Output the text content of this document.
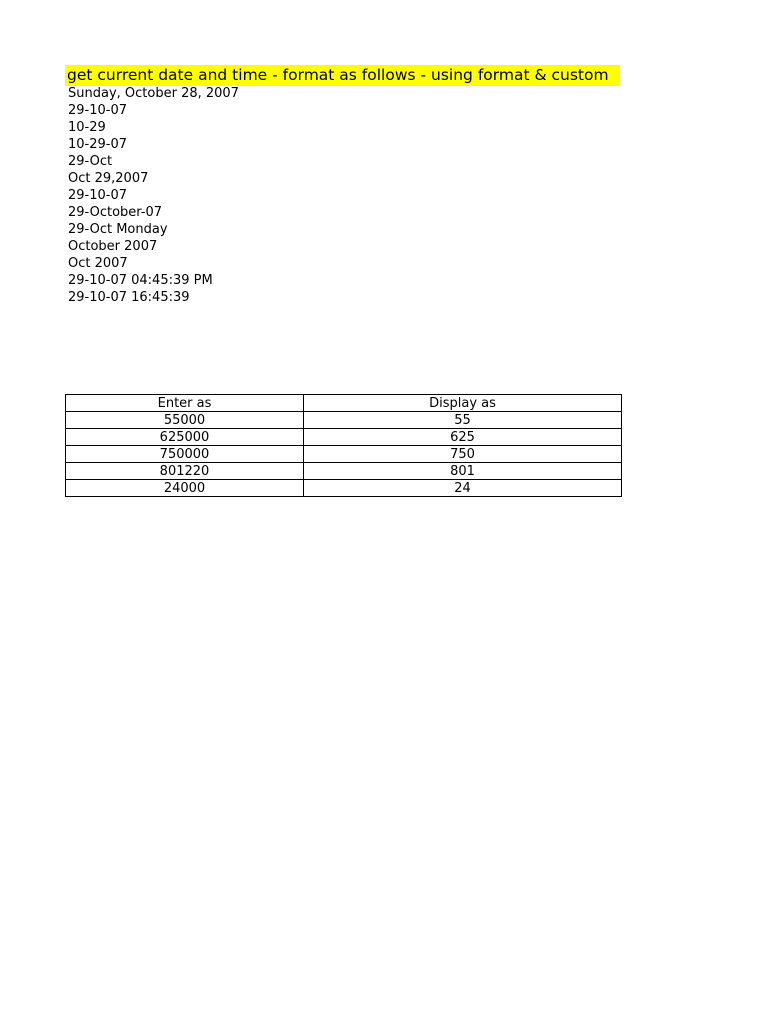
get current date and time - format as follows - using format & custom
Sunday, October 28, 2007
29-10-07
10-29
10-29-07
29-Oct
Oct 29,2007
29-10-07
29-October-07
29-Oct Monday
October 2007
Oct 2007
29-10-07 04:45:39 PM
29-10-07 16:45:39
Enter as	Display as
55000	55
625000	625
750000	750
801220	801
24000	24
